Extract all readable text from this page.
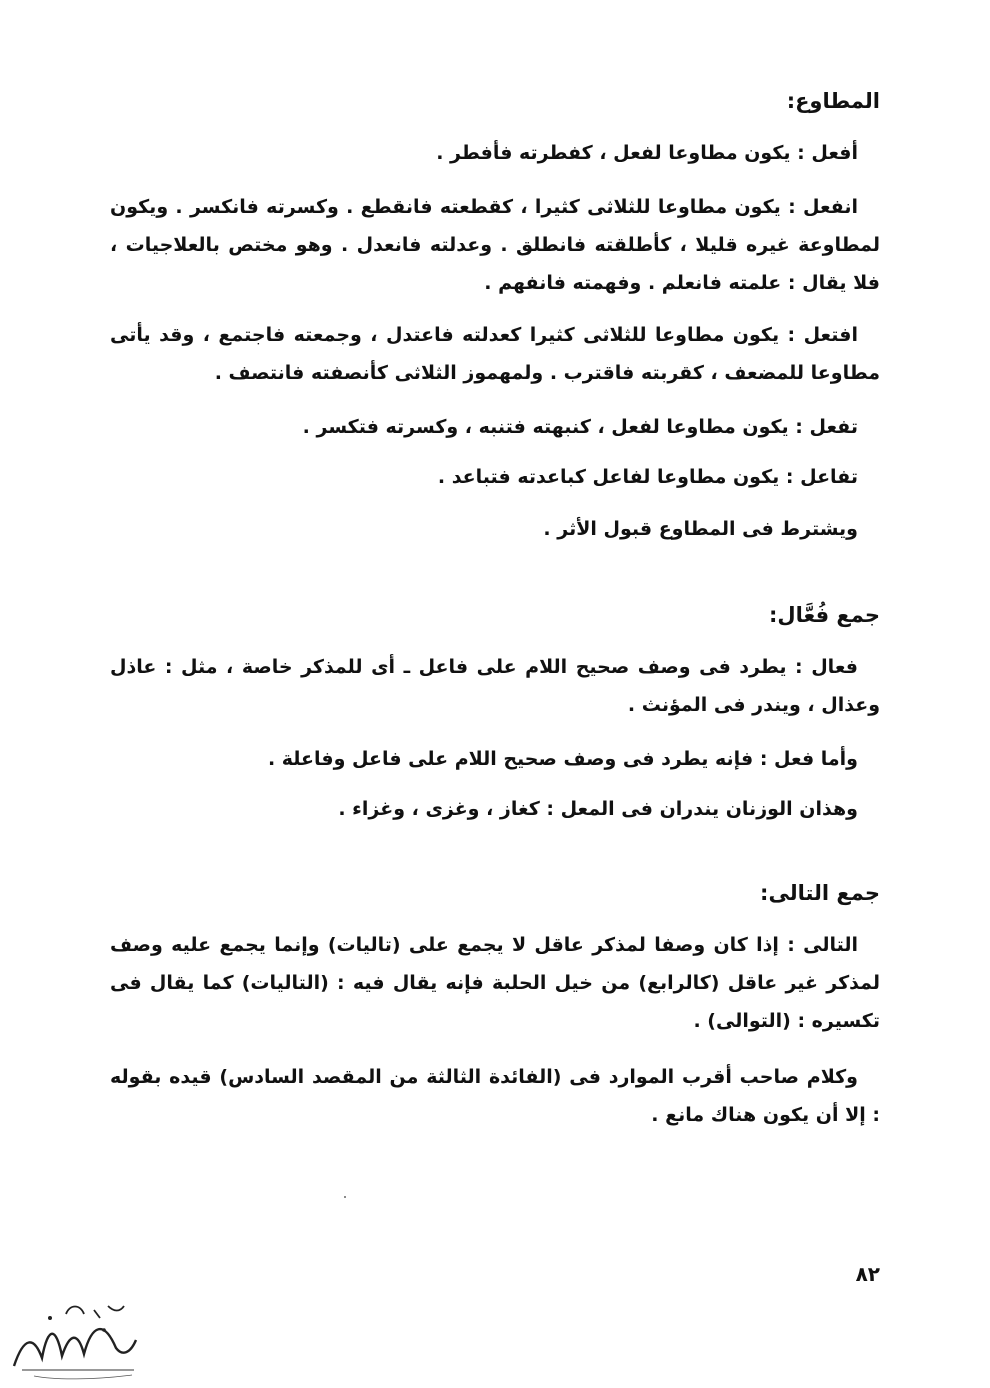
المطاوع:
أفعل : يكون مطاوعا لفعل ، كفطرته فأفطر .
انفعل : يكون مطاوعا للثلاثى كثيرا ، كقطعته فانقطع . وكسرته فانكسر . ويكون لمطاوعة غيره قليلا ، كأطلقته فانطلق . وعدلته فانعدل . وهو مختص بالعلاجيات ، فلا يقال : علمته فانعلم . وفهمته فانفهم .
افتعل : يكون مطاوعا للثلاثى كثيرا كعدلته فاعتدل ، وجمعته فاجتمع ، وقد يأتى مطاوعا للمضعف ، كقربته فاقترب . ولمهموز الثلاثى كأنصفته فانتصف .
تفعل : يكون مطاوعا لفعل ، كنبهته فتنبه ، وكسرته فتكسر .
تفاعل : يكون مطاوعا لفاعل كباعدته فتباعد .
ويشترط فى المطاوع قبول الأثر .
جمع فُعَّال:
فعال : يطرد فى وصف صحيح اللام على فاعل ـ أى للمذكر خاصة ، مثل : عاذل وعذال ، ويندر فى المؤنث .
وأما فعل : فإنه يطرد فى وصف صحيح اللام على فاعل وفاعلة .
وهذان الوزنان يندران فى المعل : كغاز ، وغزى ، وغزاء .
جمع التالى:
التالى : إذا كان وصفا لمذكر عاقل لا يجمع على (تاليات) وإنما يجمع عليه وصف لمذكر غير عاقل (كالرابع) من خيل الحلبة فإنه يقال فيه : (التاليات) كما يقال فى تكسيره : (التوالى) .
وكلام صاحب أقرب الموارد فى (الفائدة الثالثة من المقصد السادس) قيده بقوله : إلا أن يكون هناك مانع .
٨٢
